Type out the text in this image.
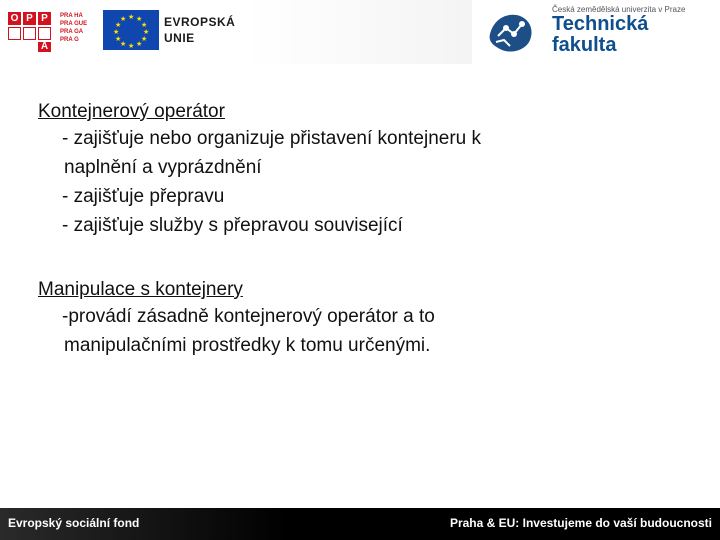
O P P
A
PRA HA
PRA GUE
PRA GA
PRA G
★ ★
★
★
★
★
★
★
★
★
★
★	EVROPSKÁ
UNIE
Česká zemědělská univerzita v Praze
Technická
fakulta
Kontejnerový operátor
- zajišťuje nebo organizuje přistavení kontejneru k
naplnění a vyprázdnění
- zajišťuje přepravu
- zajišťuje služby s přepravou související
Manipulace s kontejnery
-provádí zásadně kontejnerový operátor a to
manipulačními prostředky k tomu určenými.
Evropský sociální fond	Praha & EU: Investujeme do vaší budoucnosti
